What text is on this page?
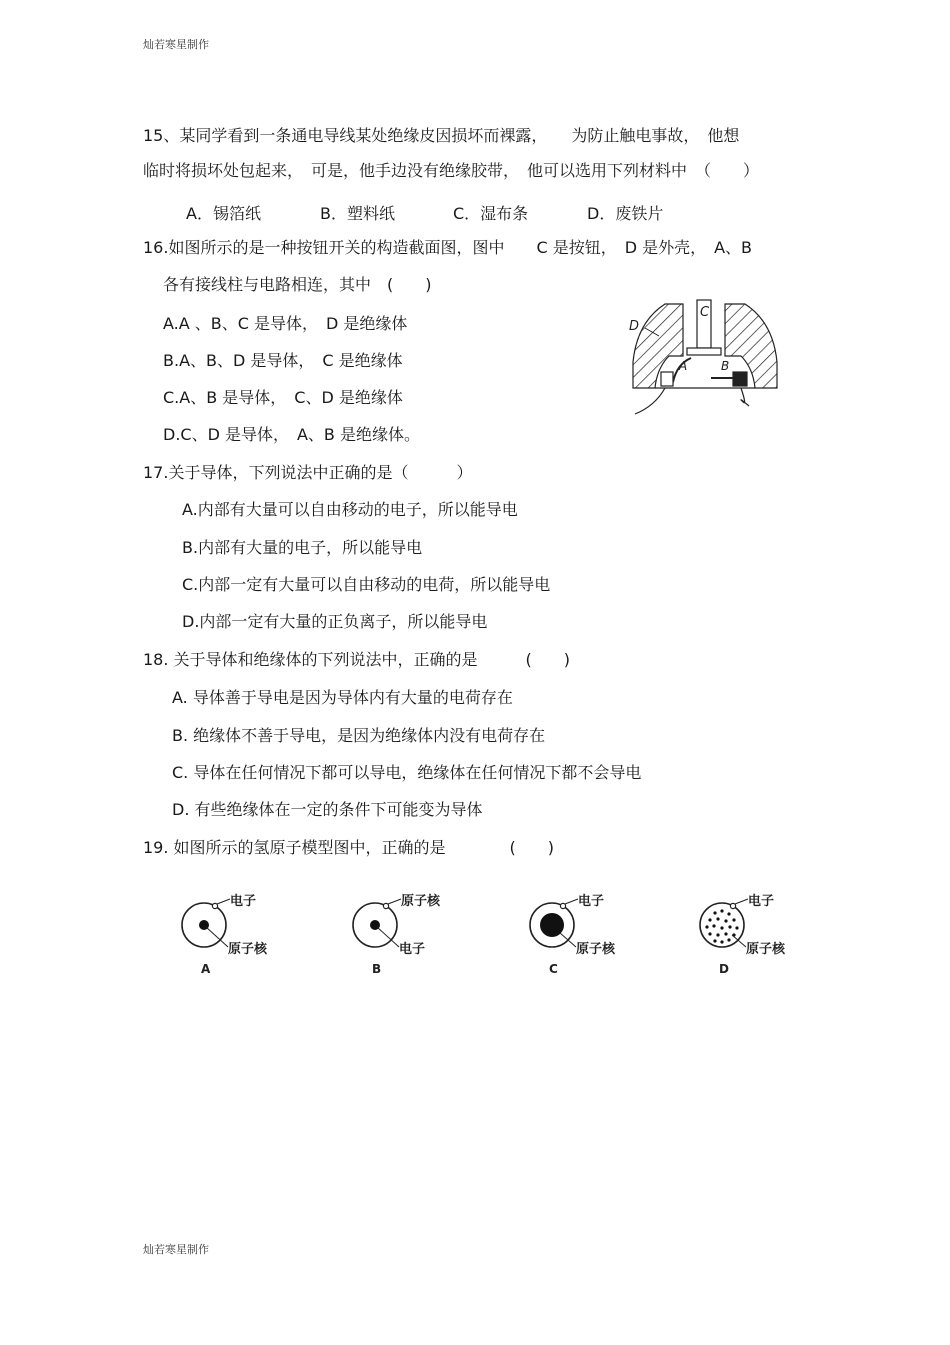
灿若寒星制作
15、某同学看到一条通电导线某处绝缘皮因损坏而裸露，　　为防止触电事故，　他想
临时将损坏处包起来，　可是，他手边没有绝缘胶带，　他可以选用下列材料中　（　　）
A．锡箔纸	B．塑料纸	C．湿布条	D．废铁片
16.如图所示的是一种按钮开关的构造截面图，图中　　C 是按钮，　D 是外壳，　A、B
各有接线柱与电路相连，其中　(　　)
A.A 、B、C 是导体，　D 是绝缘体
B.A、B、D 是导体，　C 是绝缘体
C.A、B 是导体，　C、D 是绝缘体
D.C、D 是导体，　A、B 是绝缘体。
C
D
A	B
17.关于导体，下列说法中正确的是（　　　）
A.内部有大量可以自由移动的电子，所以能导电
B.内部有大量的电子，所以能导电
C.内部一定有大量可以自由移动的电荷，所以能导电
D.内部一定有大量的正负离子，所以能导电
18. 关于导体和绝缘体的下列说法中，正确的是　　　(　　)
A. 导体善于导电是因为导体内有大量的电荷存在
B. 绝缘体不善于导电，是因为绝缘体内没有电荷存在
C. 导体在任何情况下都可以导电，绝缘体在任何情况下都不会导电
D. 有些绝缘体在一定的条件下可能变为导体
19. 如图所示的氢原子模型图中，正确的是　　　　(　　)
电子
原子核
A
原子核
电子
B
电子
原子核
C
电子
原子核
D
灿若寒星制作
